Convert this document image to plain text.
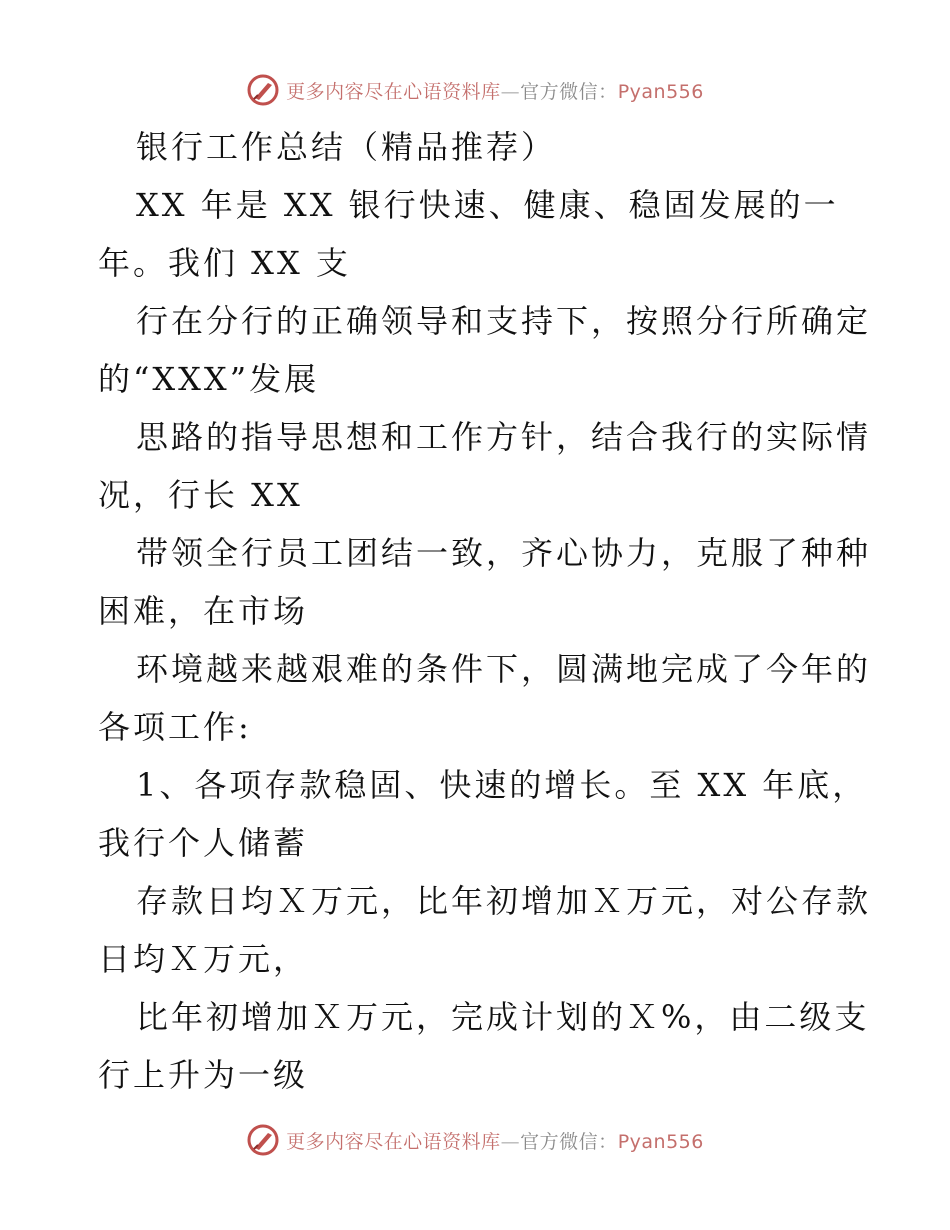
更多内容尽在心语资料库—官方微信：Pyan556
银行工作总结（精品推荐）
XX 年是 XX 银行快速、健康、稳固发展的一
年。我们 XX 支
行在分行的正确领导和支持下，按照分行所确定
的“XXX”发展
思路的指导思想和工作方针，结合我行的实际情
况，行长 XX
带领全行员工团结一致，齐心协力，克服了种种
困难，在市场
环境越来越艰难的条件下，圆满地完成了今年的
各项工作:
1、各项存款稳固、快速的增长。至 XX 年底，
我行个人储蓄
存款日均Ｘ万元，比年初增加Ｘ万元，对公存款
日均Ｘ万元，
比年初增加Ｘ万元，完成计划的Ｘ%，由二级支
行上升为一级
更多内容尽在心语资料库—官方微信：Pyan556
